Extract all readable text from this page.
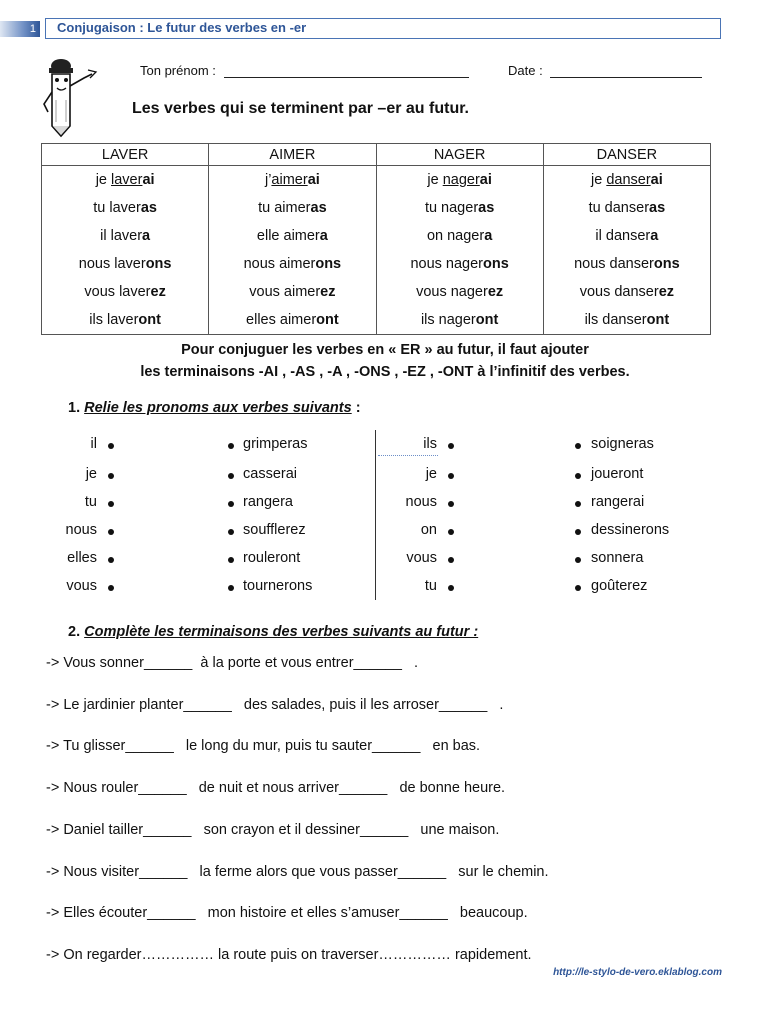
1	Conjugaison : Le futur des verbes en -er
Ton prénom :	Date :
Les verbes qui se terminent par –er au futur.
LAVER	AIMER	NAGER	DANSER
je laverai	j’aimerai	je nagerai	je danserai
tu laveras	tu aimeras	tu nageras	tu danseras
il lavera	elle aimera	on nagera	il dansera
nous laverons	nous aimerons	nous nagerons	nous danserons
vous laverez	vous aimerez	vous nagerez	vous danserez
ils laveront	elles aimeront	ils nageront	ils danseront
Pour conjuguer les verbes en « ER » au futur, il faut ajouter
les terminaisons -AI , -AS , -A , -ONS , -EZ , -ONT à l’infinitif des verbes.
1. Relie les pronoms aux verbes suivants :
il	grimperas	ils	soigneras
je	casserai	je	joueront
tu	rangera	nous	rangerai
nous	soufflerez	on	dessinerons
elles	rouleront	vous	sonnera
vous	tournerons	tu	goûterez
2. Complète les terminaisons des verbes suivants au futur :
-> Vous sonner______  à la porte et vous entrer______   .
-> Le jardinier planter______   des salades, puis il les arroser______   .
-> Tu glisser______   le long du mur, puis tu sauter______   en bas.
-> Nous rouler______   de nuit et nous arriver______   de bonne heure.
-> Daniel tailler______   son crayon et il dessiner______   une maison.
-> Nous visiter______   la ferme alors que vous passer______   sur le chemin.
-> Elles écouter______   mon histoire et elles s’amuser______   beaucoup.
-> On regarder…………… la route puis on traverser…………… rapidement.
http://le-stylo-de-vero.eklablog.com
